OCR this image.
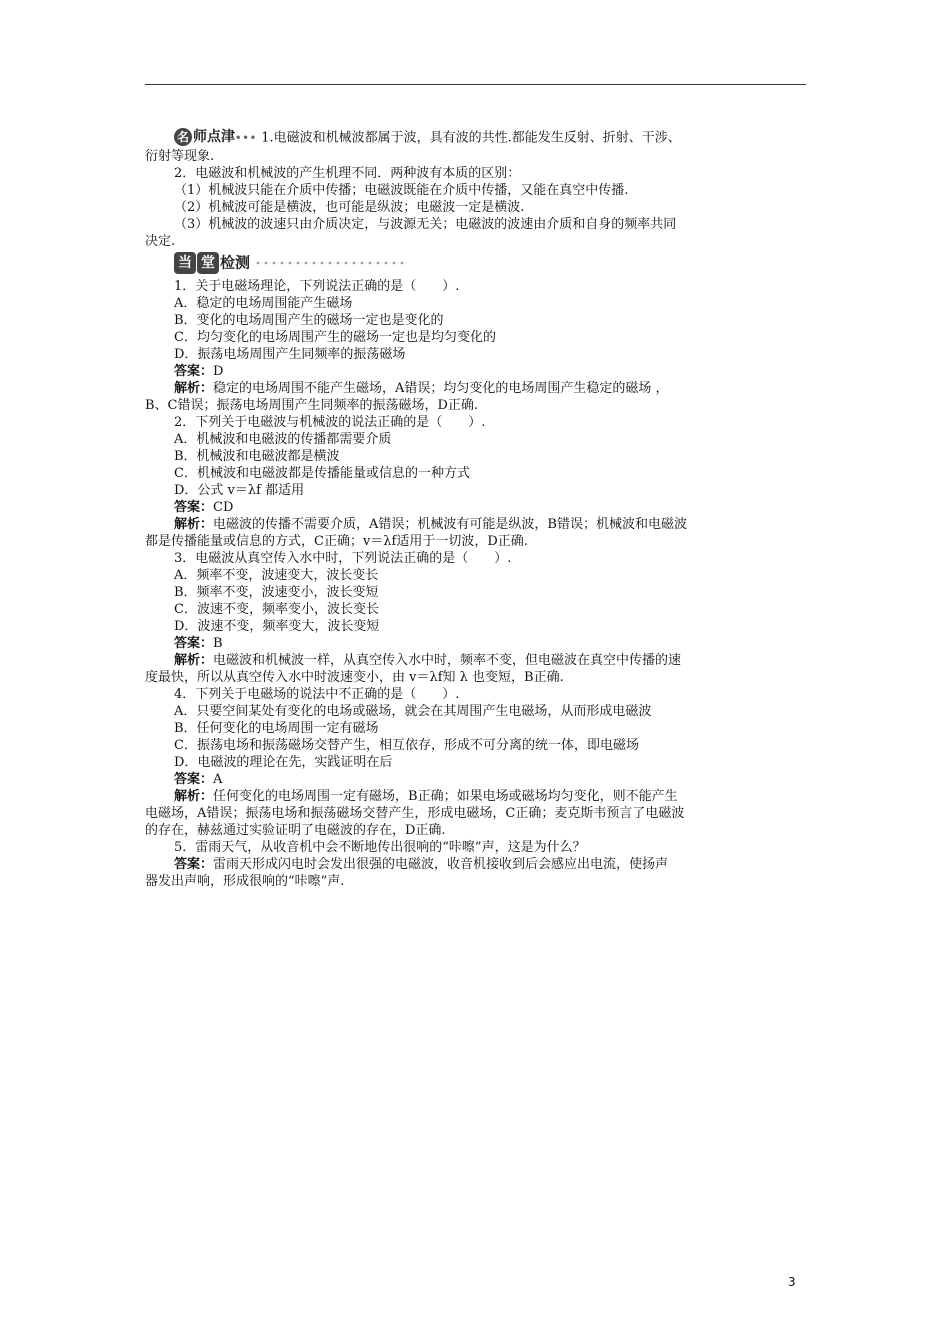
名 师点津••• 1.电磁波和机械波都属于波，具有波的共性.都能发生反射、折射、干涉、

衍射等现象.

2．电磁波和机械波的产生机理不同．两种波有本质的区别：

（1）机械波只能在介质中传播；电磁波既能在介质中传播，又能在真空中传播.

（2）机械波可能是横波，也可能是纵波；电磁波一定是横波.

（3）机械波的波速只由介质决定，与波源无关；电磁波的波速由介质和自身的频率共同

决定.

当 堂 检测

1．关于电磁场理论，下列说法正确的是（　　）.

A．稳定的电场周围能产生磁场

B．变化的电场周围产生的磁场一定也是变化的

C．均匀变化的电场周围产生的磁场一定也是均匀变化的

D．振荡电场周围产生同频率的振荡磁场

答案：D

解析：稳定的电场周围不能产生磁场，A错误；均匀变化的电场周围产生稳定的磁场 ，

B、C错误；振荡电场周围产生同频率的振荡磁场，D正确.

2．下列关于电磁波与机械波的说法正确的是（　　）.

A．机械波和电磁波的传播都需要介质

B．机械波和电磁波都是横波

C．机械波和电磁波都是传播能量或信息的一种方式

D．公式 v＝λf 都适用

答案：CD

解析：电磁波的传播不需要介质，A错误；机械波有可能是纵波，B错误；机械波和电磁波

都是传播能量或信息的方式，C正确；v＝λf适用于一切波，D正确.

3．电磁波从真空传入水中时，下列说法正确的是（　　）.

A．频率不变，波速变大，波长变长

B．频率不变，波速变小，波长变短

C．波速不变，频率变小，波长变长

D．波速不变，频率变大，波长变短

答案：B

解析：电磁波和机械波一样，从真空传入水中时，频率不变，但电磁波在真空中传播的速

度最快，所以从真空传入水中时波速变小，由 v＝λf知 λ 也变短，B正确.

4．下列关于电磁场的说法中不正确的是（　　）.

A．只要空间某处有变化的电场或磁场，就会在其周围产生电磁场，从而形成电磁波

B．任何变化的电场周围一定有磁场

C．振荡电场和振荡磁场交替产生，相互依存，形成不可分离的统一体，即电磁场

D．电磁波的理论在先，实践证明在后

答案：A

解析：任何变化的电场周围一定有磁场，B正确；如果电场或磁场均匀变化，则不能产生

电磁场，A错误；振荡电场和振荡磁场交替产生，形成电磁场，C正确；麦克斯韦预言了电磁波

的存在，赫兹通过实验证明了电磁波的存在，D正确.

5．雷雨天气，从收音机中会不断地传出很响的“咔嚓”声，这是为什么？

答案：雷雨天形成闪电时会发出很强的电磁波，收音机接收到后会感应出电流，使扬声

器发出声响，形成很响的“咔嚓”声.

3
